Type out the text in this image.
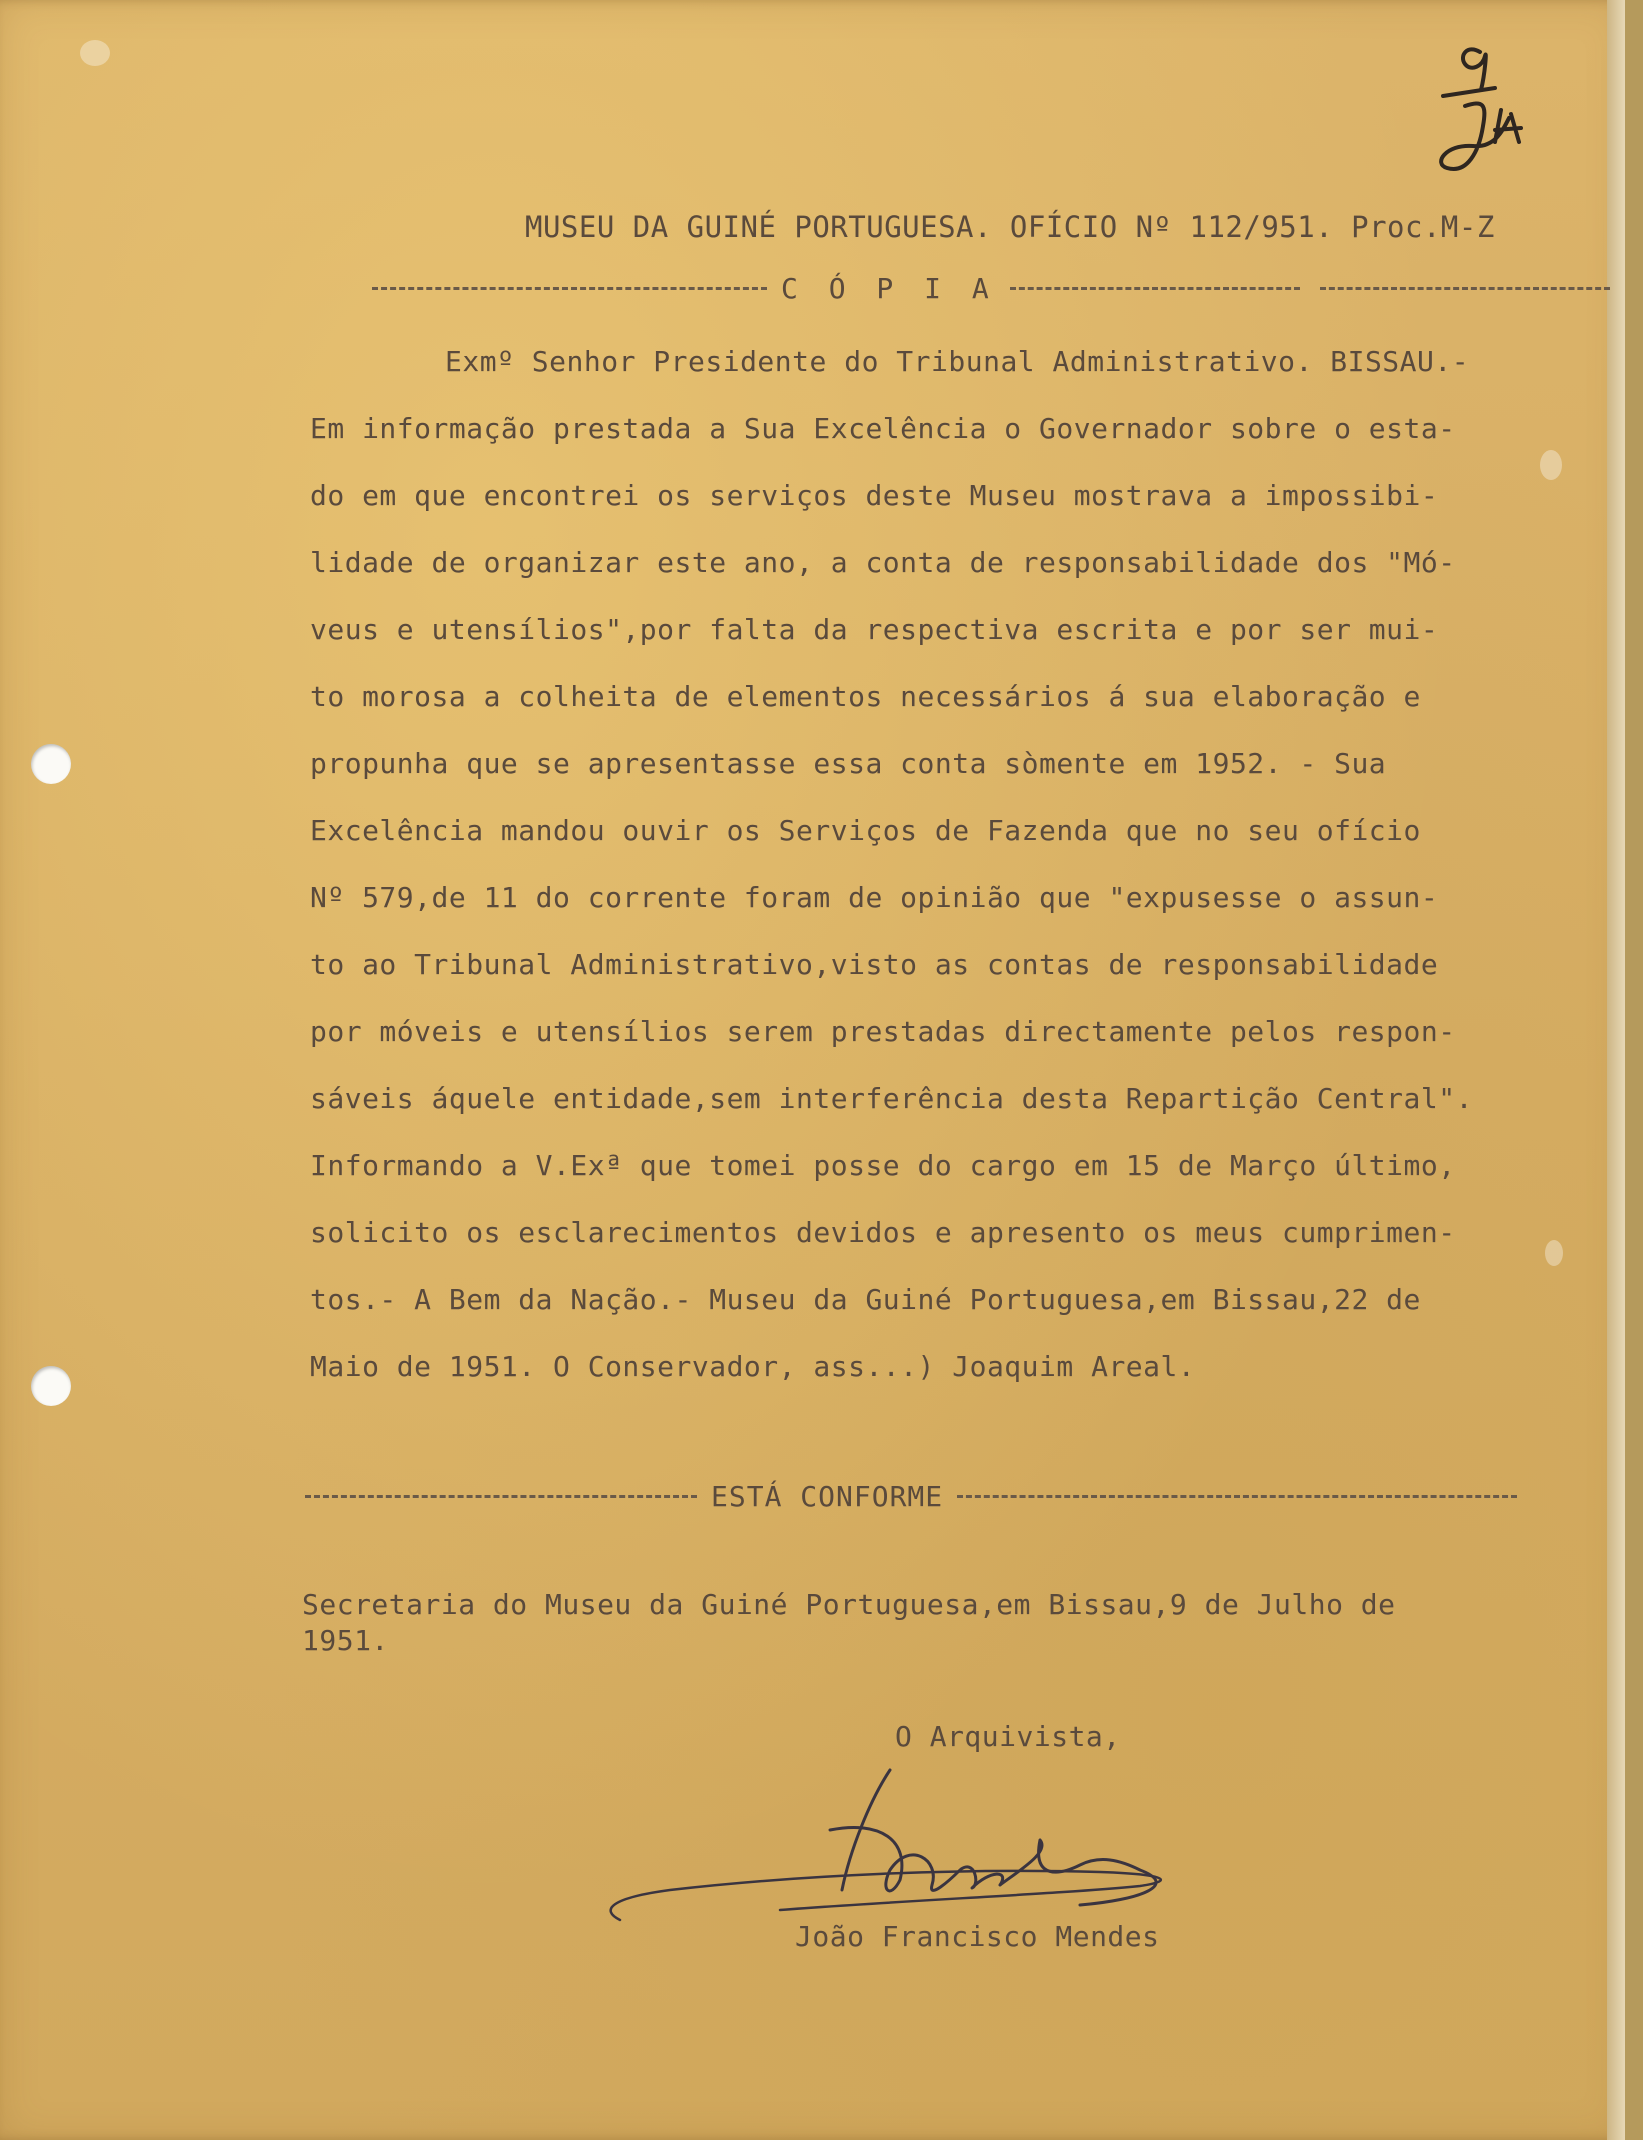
MUSEU DA GUINÉ PORTUGUESA. OFÍCIO Nº 112/951. Proc.M-Z
C Ó P I A
Exmº Senhor Presidente do Tribunal Administrativo. BISSAU.-
Em informação prestada a Sua Excelência o Governador sobre o esta-
do em que encontrei os serviços deste Museu mostrava a impossibi-
lidade de organizar este ano, a conta de responsabilidade dos "Mó-
veus e utensílios",por falta da respectiva escrita e por ser mui-
to morosa a colheita de elementos necessários á sua elaboração e
propunha que se apresentasse essa conta sòmente em 1952. - Sua
Excelência mandou ouvir os Serviços de Fazenda que no seu ofício
Nº 579,de 11 do corrente foram de opinião que "expusesse o assun-
to ao Tribunal Administrativo,visto as contas de responsabilidade
por móveis e utensílios serem prestadas directamente pelos respon-
sáveis áquele entidade,sem interferência desta Repartição Central".
Informando a V.Exª que tomei posse do cargo em 15 de Março último,
solicito os esclarecimentos devidos e apresento os meus cumprimen-
tos.- A Bem da Nação.- Museu da Guiné Portuguesa,em Bissau,22 de
Maio de 1951. O Conservador, ass...) Joaquim Areal.
ESTÁ CONFORME
Secretaria do Museu da Guiné Portuguesa,em Bissau,9 de Julho de
1951.
O Arquivista,
João Francisco Mendes
